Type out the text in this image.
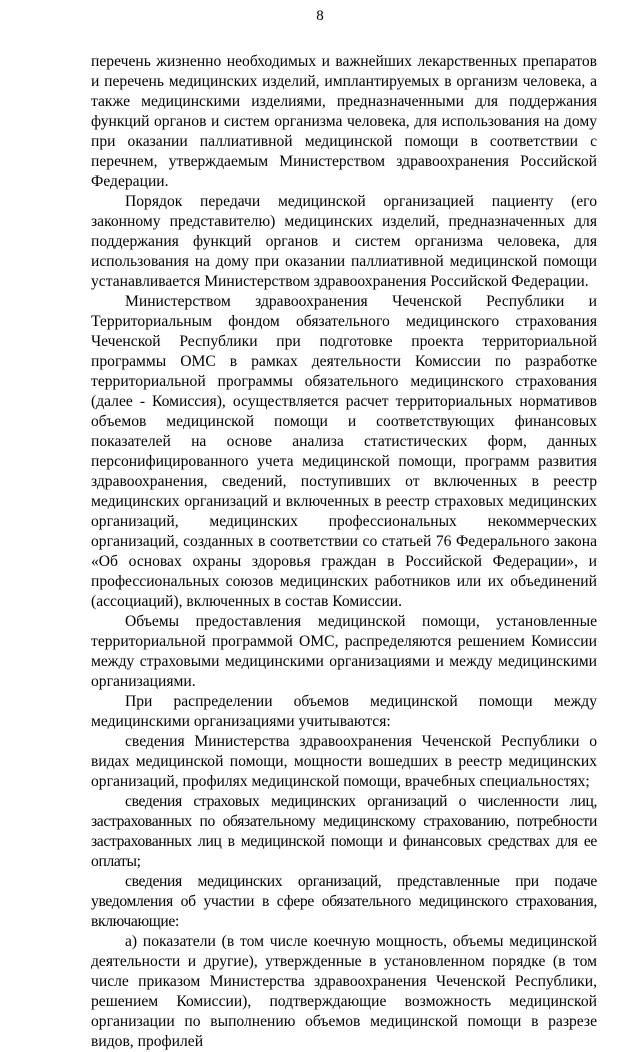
8

перечень жизненно необходимых и важнейших лекарственных препаратов и перечень медицинских изделий, имплантируемых в организм человека, а также медицинскими изделиями, предназначенными для поддержания функций органов и систем организма человека, для использования на дому при оказании паллиативной медицинской помощи в соответствии с перечнем, утверждаемым Министерством здравоохранения Российской Федерации.

Порядок передачи медицинской организацией пациенту (его законному представителю) медицинских изделий, предназначенных для поддержания функций органов и систем организма человека, для использования на дому при оказании паллиативной медицинской помощи устанавливается Министерством здравоохранения Российской Федерации.

Министерством здравоохранения Чеченской Республики и Территориальным фондом обязательного медицинского страхования Чеченской Республики при подготовке проекта территориальной программы ОМС в рамках деятельности Комиссии по разработке территориальной программы обязательного медицинского страхования (далее - Комиссия), осуществляется расчет территориальных нормативов объемов медицинской помощи и соответствующих финансовых показателей на основе анализа статистических форм, данных персонифицированного учета медицинской помощи, программ развития здравоохранения, сведений, поступивших от включенных в реестр медицинских организаций и включенных в реестр страховых медицинских организаций, медицинских профессиональных некоммерческих организаций, созданных в соответствии со статьей 76 Федерального закона «Об основах охраны здоровья граждан в Российской Федерации», и профессиональных союзов медицинских работников или их объединений (ассоциаций), включенных в состав Комиссии.

Объемы предоставления медицинской помощи, установленные территориальной программой ОМС, распределяются решением Комиссии между страховыми медицинскими организациями и между медицинскими организациями.

При распределении объемов медицинской помощи между медицинскими организациями учитываются:

сведения Министерства здравоохранения Чеченской Республики о видах медицинской помощи, мощности вошедших в реестр медицинских организаций, профилях медицинской помощи, врачебных специальностях;

сведения страховых медицинских организаций о численности лиц, застрахованных по обязательному медицинскому страхованию, потребности застрахованных лиц в медицинской помощи и финансовых средствах для ее оплаты;

сведения медицинских организаций, представленные при подаче уведомления об участии в сфере обязательного медицинского страхования, включающие:

а) показатели (в том числе коечную мощность, объемы медицинской деятельности и другие), утвержденные в установленном порядке (в том числе приказом Министерства здравоохранения Чеченской Республики, решением Комиссии), подтверждающие возможность медицинской организации по выполнению объемов медицинской помощи в разрезе видов, профилей
